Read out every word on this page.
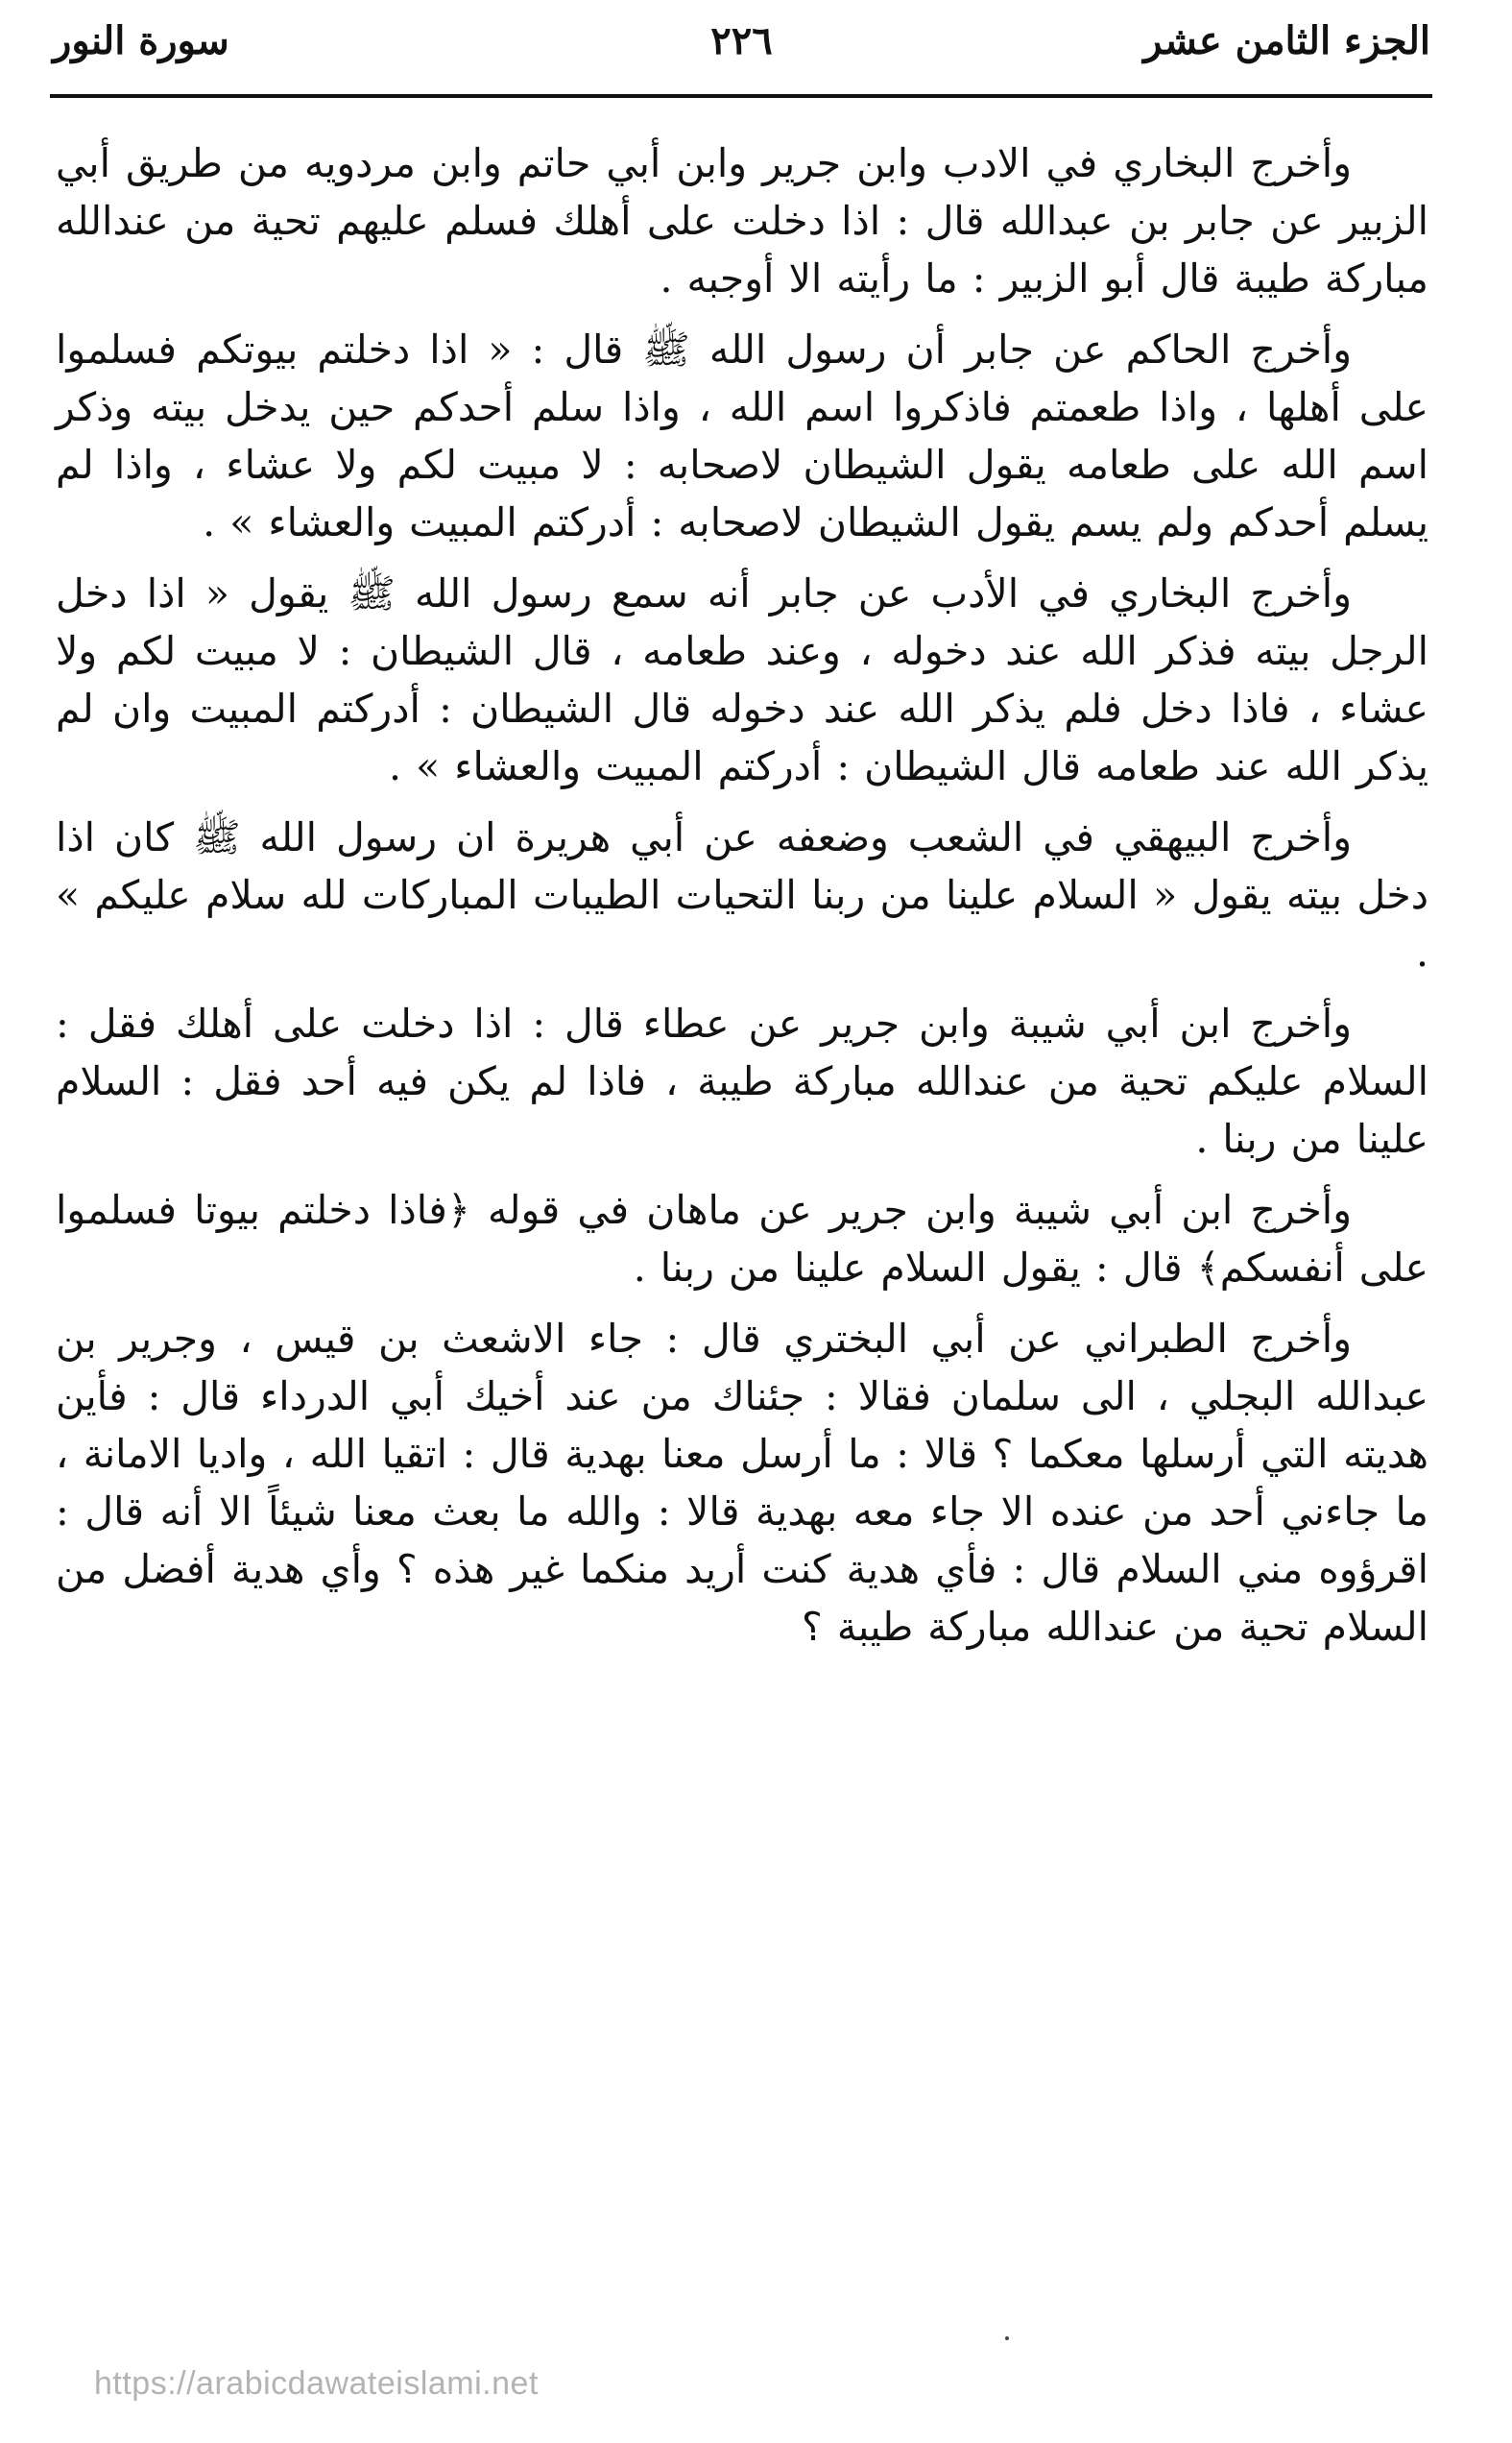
الجزء الثامن عشر
٢٢٦
سورة النور

وأخرج البخاري في الادب وابن جرير وابن أبي حاتم وابن مردويه من طريق أبي الزبير عن جابر بن عبدالله قال : اذا دخلت على أهلك فسلم عليهم تحية من عندالله مباركة طيبة قال أبو الزبير : ما رأيته الا أوجبه .

وأخرج الحاكم عن جابر أن رسول الله ﷺ قال : « اذا دخلتم بيوتكم فسلموا على أهلها ، واذا طعمتم فاذكروا اسم الله ، واذا سلم أحدكم حين يدخل بيته وذكر اسم الله على طعامه يقول الشيطان لاصحابه : لا مبيت لكم ولا عشاء ، واذا لم يسلم أحدكم ولم يسم يقول الشيطان لاصحابه : أدركتم المبيت والعشاء » .

وأخرج البخاري في الأدب عن جابر أنه سمع رسول الله ﷺ يقول « اذا دخل الرجل بيته فذكر الله عند دخوله ، وعند طعامه ، قال الشيطان : لا مبيت لكم ولا عشاء ، فاذا دخل فلم يذكر الله عند دخوله قال الشيطان : أدركتم المبيت وان لم يذكر الله عند طعامه قال الشيطان : أدركتم المبيت والعشاء » .

وأخرج البيهقي في الشعب وضعفه عن أبي هريرة ان رسول الله ﷺ كان اذا دخل بيته يقول « السلام علينا من ربنا التحيات الطيبات المباركات لله سلام عليكم » .

وأخرج ابن أبي شيبة وابن جرير عن عطاء قال : اذا دخلت على أهلك فقل : السلام عليكم تحية من عندالله مباركة طيبة ، فاذا لم يكن فيه أحد فقل : السلام علينا من ربنا .

وأخرج ابن أبي شيبة وابن جرير عن ماهان في قوله ﴿فاذا دخلتم بيوتا فسلموا على أنفسكم﴾ قال : يقول السلام علينا من ربنا .

وأخرج الطبراني عن أبي البختري قال : جاء الاشعث بن قيس ، وجرير بن عبدالله البجلي ، الى سلمان فقالا : جئناك من عند أخيك أبي الدرداء قال : فأين هديته التي أرسلها معكما ؟ قالا : ما أرسل معنا بهدية قال : اتقيا الله ، واديا الامانة ، ما جاءني أحد من عنده الا جاء معه بهدية قالا : والله ما بعث معنا شيئاً الا أنه قال : اقرؤوه مني السلام قال : فأي هدية كنت أريد منكما غير هذه ؟ وأي هدية أفضل من السلام تحية من عندالله مباركة طيبة ؟

https://arabicdawateislami.net
